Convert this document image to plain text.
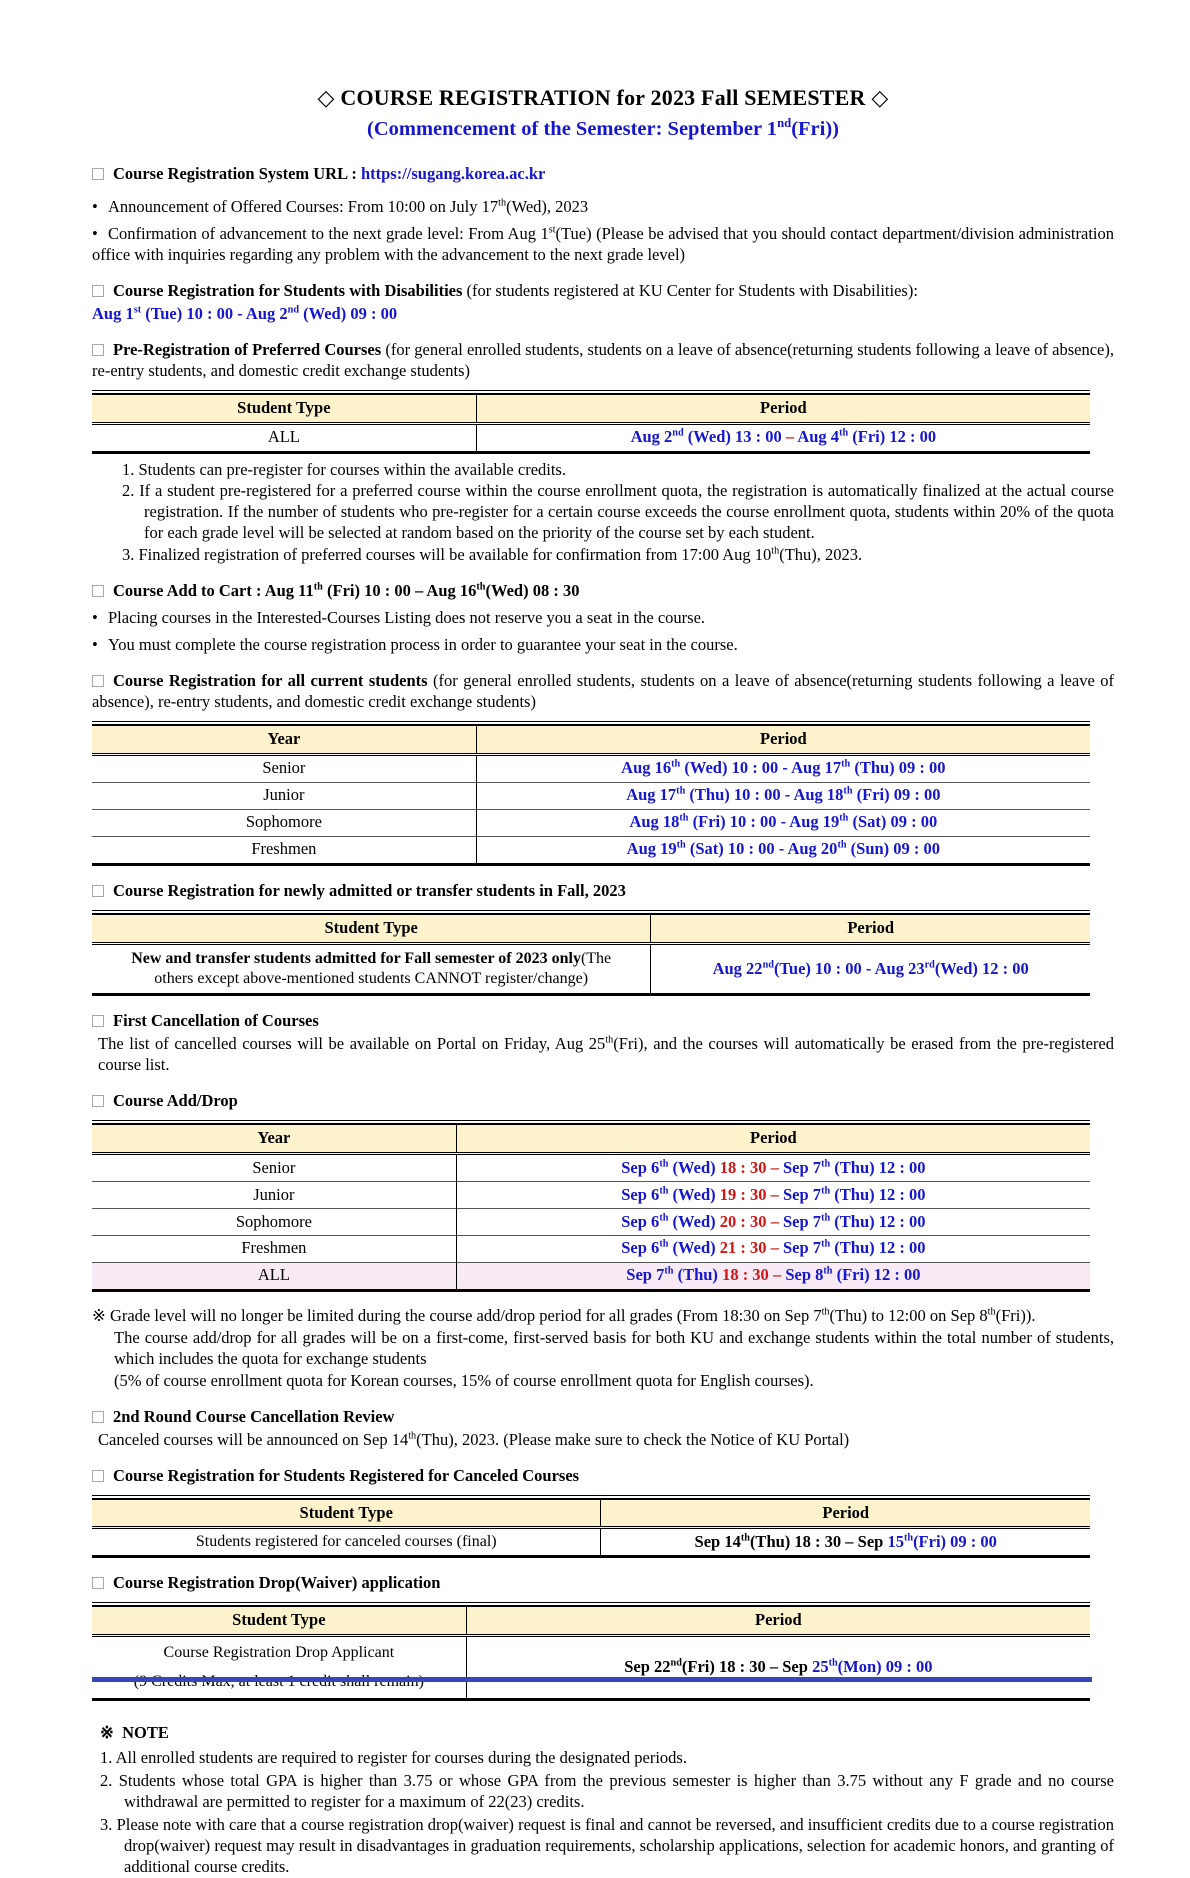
◇ COURSE REGISTRATION for 2023 Fall SEMESTER ◇
(Commencement of the Semester: September 1nd(Fri))
Course Registration System URL : https://sugang.korea.ac.kr
• Announcement of Offered Courses: From 10:00 on July 17th(Wed), 2023
• Confirmation of advancement to the next grade level: From Aug 1st(Tue) (Please be advised that you should contact department/division administration office with inquiries regarding any problem with the advancement to the next grade level)
Course Registration for Students with Disabilities (for students registered at KU Center for Students with Disabilities):
Aug 1st (Tue) 10 : 00 - Aug 2nd (Wed) 09 : 00
Pre-Registration of Preferred Courses (for general enrolled students, students on a leave of absence(returning students following a leave of absence), re-entry students, and domestic credit exchange students)
Student Type	Period
ALL	Aug 2nd (Wed) 13 : 00 – Aug 4th (Fri) 12 : 00
1. Students can pre-register for courses within the available credits.
2. If a student pre-registered for a preferred course within the course enrollment quota, the registration is automatically finalized at the actual course registration. If the number of students who pre-register for a certain course exceeds the course enrollment quota, students within 20% of the quota for each grade level will be selected at random based on the priority of the course set by each student.
3. Finalized registration of preferred courses will be available for confirmation from 17:00 Aug 10th(Thu), 2023.
Course Add to Cart : Aug 11th (Fri) 10 : 00 – Aug 16th(Wed) 08 : 30
• Placing courses in the Interested-Courses Listing does not reserve you a seat in the course.
• You must complete the course registration process in order to guarantee your seat in the course.
Course Registration for all current students (for general enrolled students, students on a leave of absence(returning students following a leave of absence), re-entry students, and domestic credit exchange students)
Year	Period
Senior	Aug 16th (Wed) 10 : 00 - Aug 17th (Thu) 09 : 00
Junior	Aug 17th (Thu) 10 : 00 - Aug 18th (Fri) 09 : 00
Sophomore	Aug 18th (Fri) 10 : 00 - Aug 19th (Sat) 09 : 00
Freshmen	Aug 19th (Sat) 10 : 00 - Aug 20th (Sun) 09 : 00
Course Registration for newly admitted or transfer students in Fall, 2023
Student Type	Period
New and transfer students admitted for Fall semester of 2023 only(The others except above-mentioned students CANNOT register/change)	Aug 22nd(Tue) 10 : 00 - Aug 23rd(Wed) 12 : 00
First Cancellation of Courses
The list of cancelled courses will be available on Portal on Friday, Aug 25th(Fri), and the courses will automatically be erased from the pre-registered course list.
Course Add/Drop
Year	Period
Senior	Sep 6th (Wed) 18 : 30 – Sep 7th (Thu) 12 : 00
Junior	Sep 6th (Wed) 19 : 30 – Sep 7th (Thu) 12 : 00
Sophomore	Sep 6th (Wed) 20 : 30 – Sep 7th (Thu) 12 : 00
Freshmen	Sep 6th (Wed) 21 : 30 – Sep 7th (Thu) 12 : 00
ALL	Sep 7th (Thu) 18 : 30 – Sep 8th (Fri) 12 : 00
※ Grade level will no longer be limited during the course add/drop period for all grades (From 18:30 on Sep 7th(Thu) to 12:00 on Sep 8th(Fri)).
The course add/drop for all grades will be on a first-come, first-served basis for both KU and exchange students within the total number of students, which includes the quota for exchange students
(5% of course enrollment quota for Korean courses, 15% of course enrollment quota for English courses).
2nd Round Course Cancellation Review
Canceled courses will be announced on Sep 14th(Thu), 2023. (Please make sure to check the Notice of KU Portal)
Course Registration for Students Registered for Canceled Courses
Student Type	Period
Students registered for canceled courses (final)	Sep 14th(Thu) 18 : 30 – Sep 15th(Fri) 09 : 00
Course Registration Drop(Waiver) application
Student Type	Period

Course Registration Drop Applicant	Sep 22nd(Fri) 18 : 30 – Sep 25th(Mon) 09 : 00
※ NOTE
1. All enrolled students are required to register for courses during the designated periods.
2. Students whose total GPA is higher than 3.75 or whose GPA from the previous semester is higher than 3.75 without any F grade and no course withdrawal are permitted to register for a maximum of 22(23) credits.
3. Please note with care that a course registration drop(waiver) request is final and cannot be reversed, and insufficient credits due to a course registration drop(waiver) request may result in disadvantages in graduation requirements, scholarship applications, selection for academic honors, and granting of additional course credits.
